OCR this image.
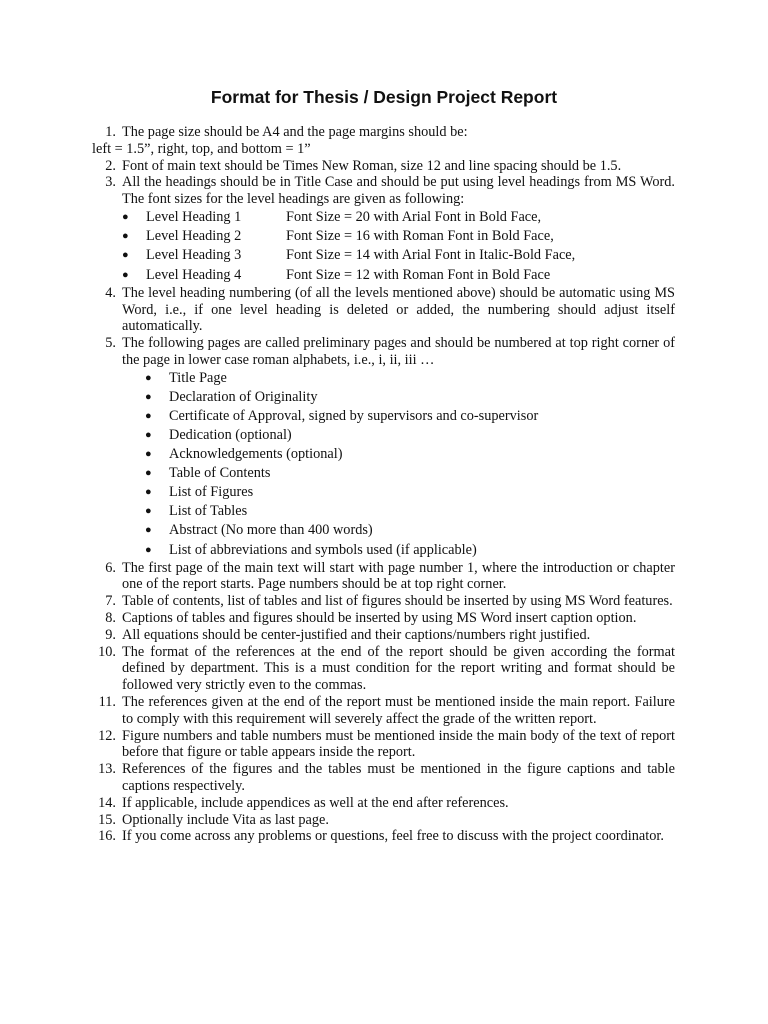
Format for Thesis / Design Project Report
1. The page size should be A4 and the page margins should be:
left = 1.5”, right, top, and bottom = 1”
2. Font of main text should be Times New Roman, size 12 and line spacing should be 1.5.
3. All the headings should be in Title Case and should be put using level headings from MS Word. The font sizes for the level headings are given as following:
●	Level Heading 1	Font Size = 20 with Arial Font in Bold Face,
●	Level Heading 2	Font Size = 16 with Roman Font in Bold Face,
●	Level Heading 3	Font Size = 14 with Arial Font in Italic-Bold Face,
●	Level Heading 4	Font Size = 12 with Roman Font in Bold Face
4. The level heading numbering (of all the levels mentioned above) should be automatic using MS Word, i.e., if one level heading is deleted or added, the numbering should adjust itself automatically.
5. The following pages are called preliminary pages and should be numbered at top right corner of the page in lower case roman alphabets, i.e., i, ii, iii …
●	Title Page
●	Declaration of Originality
●	Certificate of Approval, signed by supervisors and co-supervisor
●	Dedication (optional)
●	Acknowledgements (optional)
●	Table of Contents
●	List of Figures
●	List of Tables
●	Abstract (No more than 400 words)
●	List of abbreviations and symbols used (if applicable)
6. The first page of the main text will start with page number 1, where the introduction or chapter one of the report starts. Page numbers should be at top right corner.
7. Table of contents, list of tables and list of figures should be inserted by using MS Word features.
8. Captions of tables and figures should be inserted by using MS Word insert caption option.
9. All equations should be center-justified and their captions/numbers right justified.
10. The format of the references at the end of the report should be given according the format defined by department. This is a must condition for the report writing and format should be followed very strictly even to the commas.
11. The references given at the end of the report must be mentioned inside the main report. Failure to comply with this requirement will severely affect the grade of the written report.
12. Figure numbers and table numbers must be mentioned inside the main body of the text of report before that figure or table appears inside the report.
13. References of the figures and the tables must be mentioned in the figure captions and table captions respectively.
14. If applicable, include appendices as well at the end after references.
15. Optionally include Vita as last page.
16. If you come across any problems or questions, feel free to discuss with the project coordinator.
